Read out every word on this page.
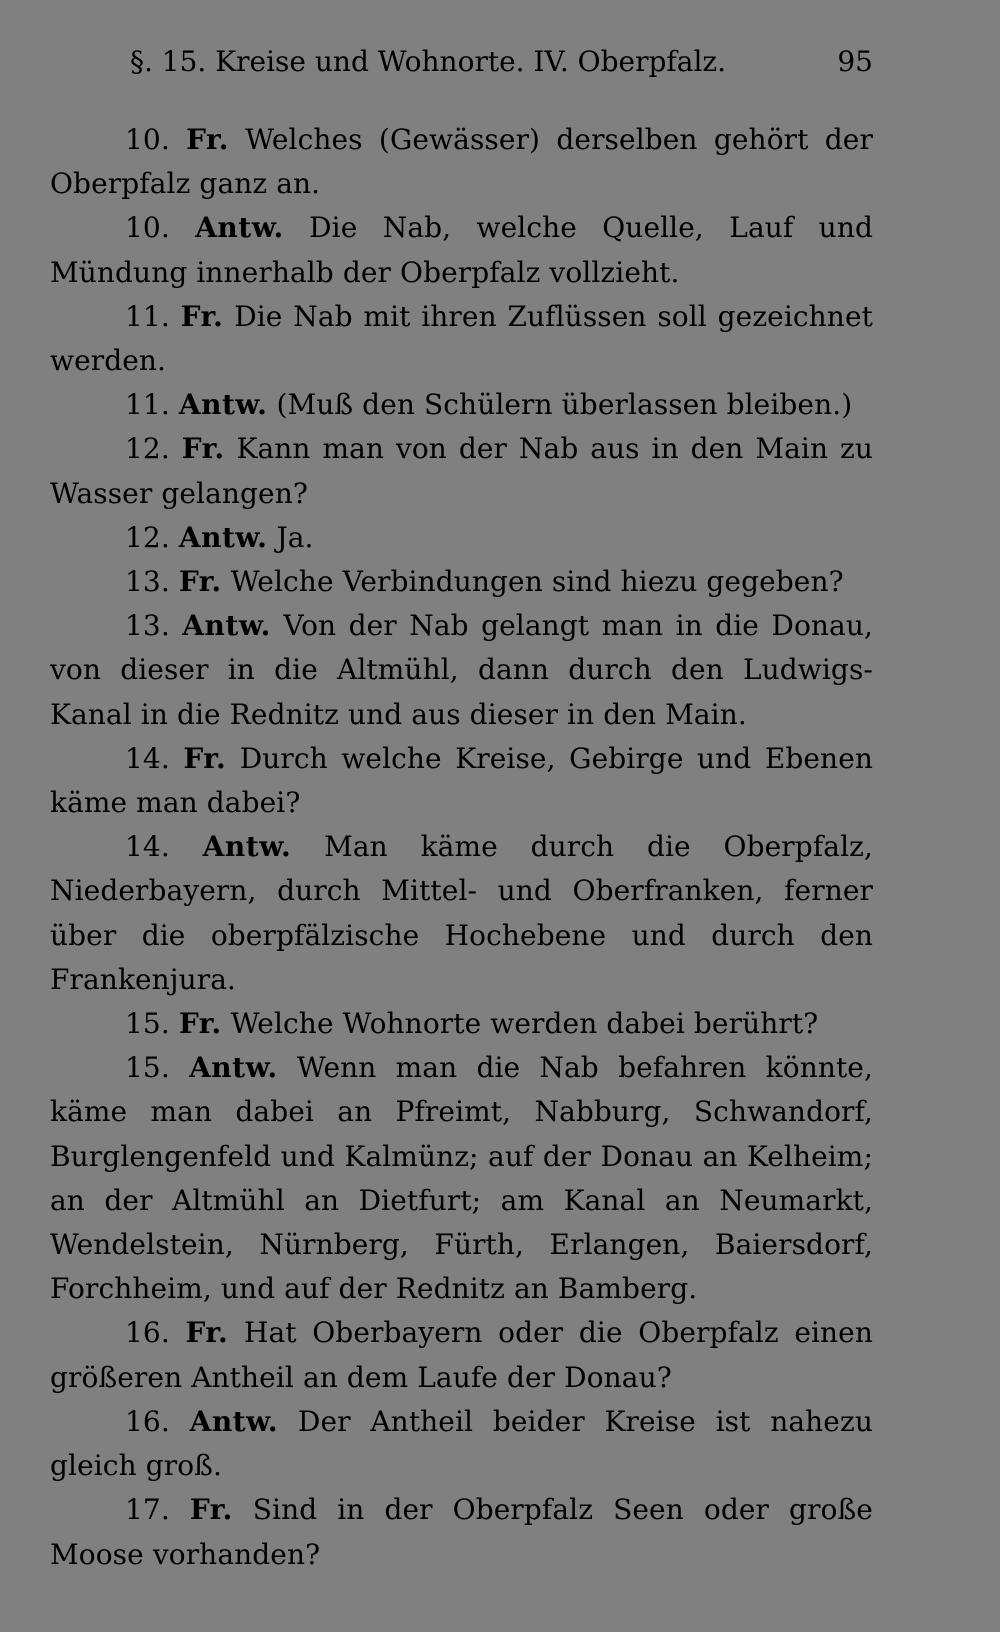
§. 15. Kreise und Wohnorte. IV. Oberpfalz.	95

10. Fr. Welches (Gewässer) derselben gehört der Oberpfalz ganz an.

10. Antw. Die Nab, welche Quelle, Lauf und Mündung innerhalb der Oberpfalz vollzieht.

11. Fr. Die Nab mit ihren Zuflüssen soll gezeichnet werden.

11. Antw. (Muß den Schülern überlassen bleiben.)

12. Fr. Kann man von der Nab aus in den Main zu Wasser gelangen?

12. Antw. Ja.

13. Fr. Welche Verbindungen sind hiezu gegeben?

13. Antw. Von der Nab gelangt man in die Donau, von dieser in die Altmühl, dann durch den Ludwigs-Kanal in die Rednitz und aus dieser in den Main.

14. Fr. Durch welche Kreise, Gebirge und Ebenen käme man dabei?

14. Antw. Man käme durch die Oberpfalz, Niederbayern, durch Mittel- und Oberfranken, ferner über die oberpfälzische Hochebene und durch den Frankenjura.

15. Fr. Welche Wohnorte werden dabei berührt?

15. Antw. Wenn man die Nab befahren könnte, käme man dabei an Pfreimt, Nabburg, Schwandorf, Burglengenfeld und Kalmünz; auf der Donau an Kelheim; an der Altmühl an Dietfurt; am Kanal an Neumarkt, Wendelstein, Nürnberg, Fürth, Erlangen, Baiersdorf, Forchheim, und auf der Rednitz an Bamberg.

16. Fr. Hat Oberbayern oder die Oberpfalz einen größeren Antheil an dem Laufe der Donau?

16. Antw. Der Antheil beider Kreise ist nahezu gleich groß.

17. Fr. Sind in der Oberpfalz Seen oder große Moose vorhanden?
